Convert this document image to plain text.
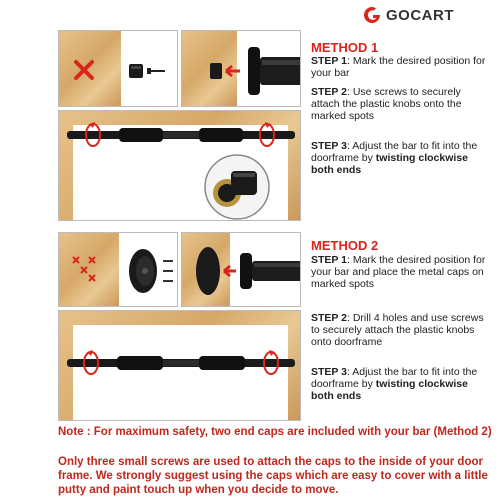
GOCART
METHOD 1
STEP 1: Mark the desired position for your bar
STEP 2: Use screws to securely attach the plastic knobs onto the marked spots
STEP 3: Adjust the bar to fit into the doorframe by twisting clockwise both ends
METHOD 2
STEP 1: Mark the desired position for your bar and place the metal caps on marked spots
STEP 2: Drill 4 holes and use screws to securely attach the plastic knobs onto doorframe
STEP 3: Adjust the bar to fit into the doorframe by twisting clockwise both ends
Note : For maximum safety, two end caps are included with your bar (Method 2)
Only three small screws are used to attach the caps to the inside of your door frame. We strongly suggest using the caps which are easy to cover with a little putty and paint touch up when you decide to move.
